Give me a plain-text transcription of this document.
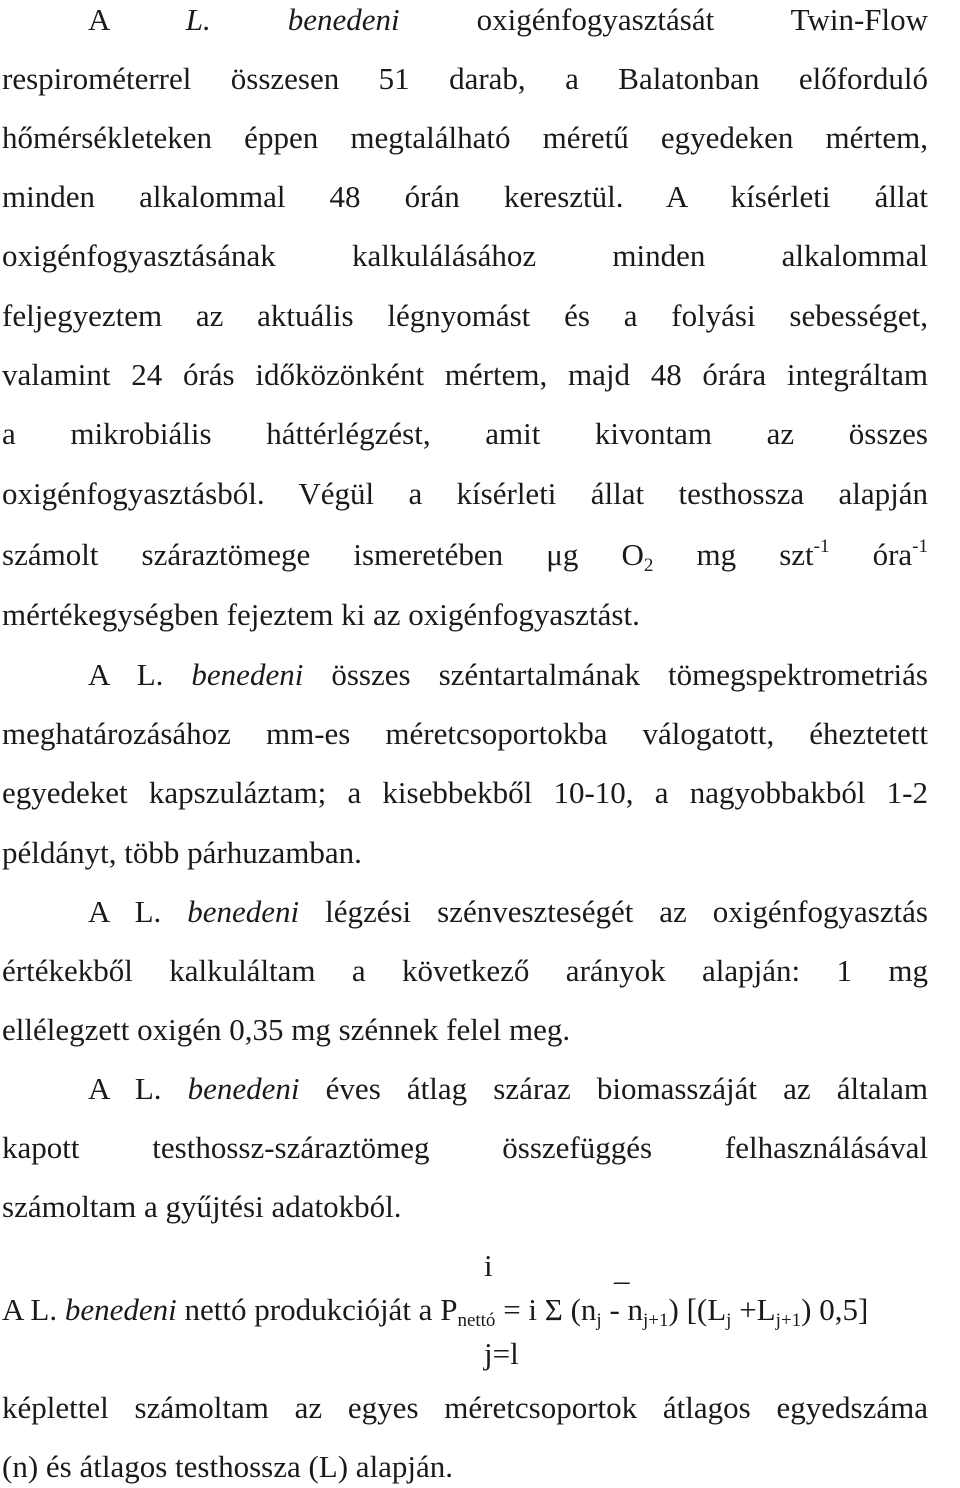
A L. benedeni oxigénfogyasztását Twin-Flow
respirométerrel összesen 51 darab, a Balatonban előforduló
hőmérsékleteken éppen megtalálható méretű egyedeken mértem,
minden alkalommal 48 órán keresztül. A kísérleti állat
oxigénfogyasztásának kalkulálásához minden alkalommal
feljegyeztem az aktuális légnyomást és a folyási sebességet,
valamint 24 órás időközönként mértem, majd 48 órára integráltam
a mikrobiális háttérlégzést, amit kivontam az összes
oxigénfogyasztásból. Végül a kísérleti állat testhossza alapján
számolt száraztömege ismeretében μg $O_2$ mg szt$^{-1}$ óra$^{-1}$
mértékegységben fejeztem ki az oxigénfogyasztást.
A L. benedeni összes széntartalmának tömegspektrometriás
meghatározásához mm-es méretcsoportokba válogatott, éheztetett
egyedeket kapszuláztam; a kisebbekből 10-10, a nagyobbakból 1-2
példányt, több párhuzamban.
A L. benedeni légzési szénveszteségét az oxigénfogyasztás
értékekből kalkuláltam a következő arányok alapján: 1 mg
ellélegzett oxigén 0,35 mg szénnek felel meg.
A L. benedeni éves átlag száraz biomasszáját az általam
kapott testhossz-száraztömeg összefüggés felhasználásával
számoltam a gyűjtési adatokból.
i	_
A L. benedeni nettó produkcióját a $P_{nettó} = i$ Σ $(n_j - n_{j+1})$ [$(L_j +L_{j+1})$ 0,5]
j=l
képlettel számoltam az egyes méretcsoportok átlagos egyedszáma
(n) és átlagos testhossza (L) alapján.
